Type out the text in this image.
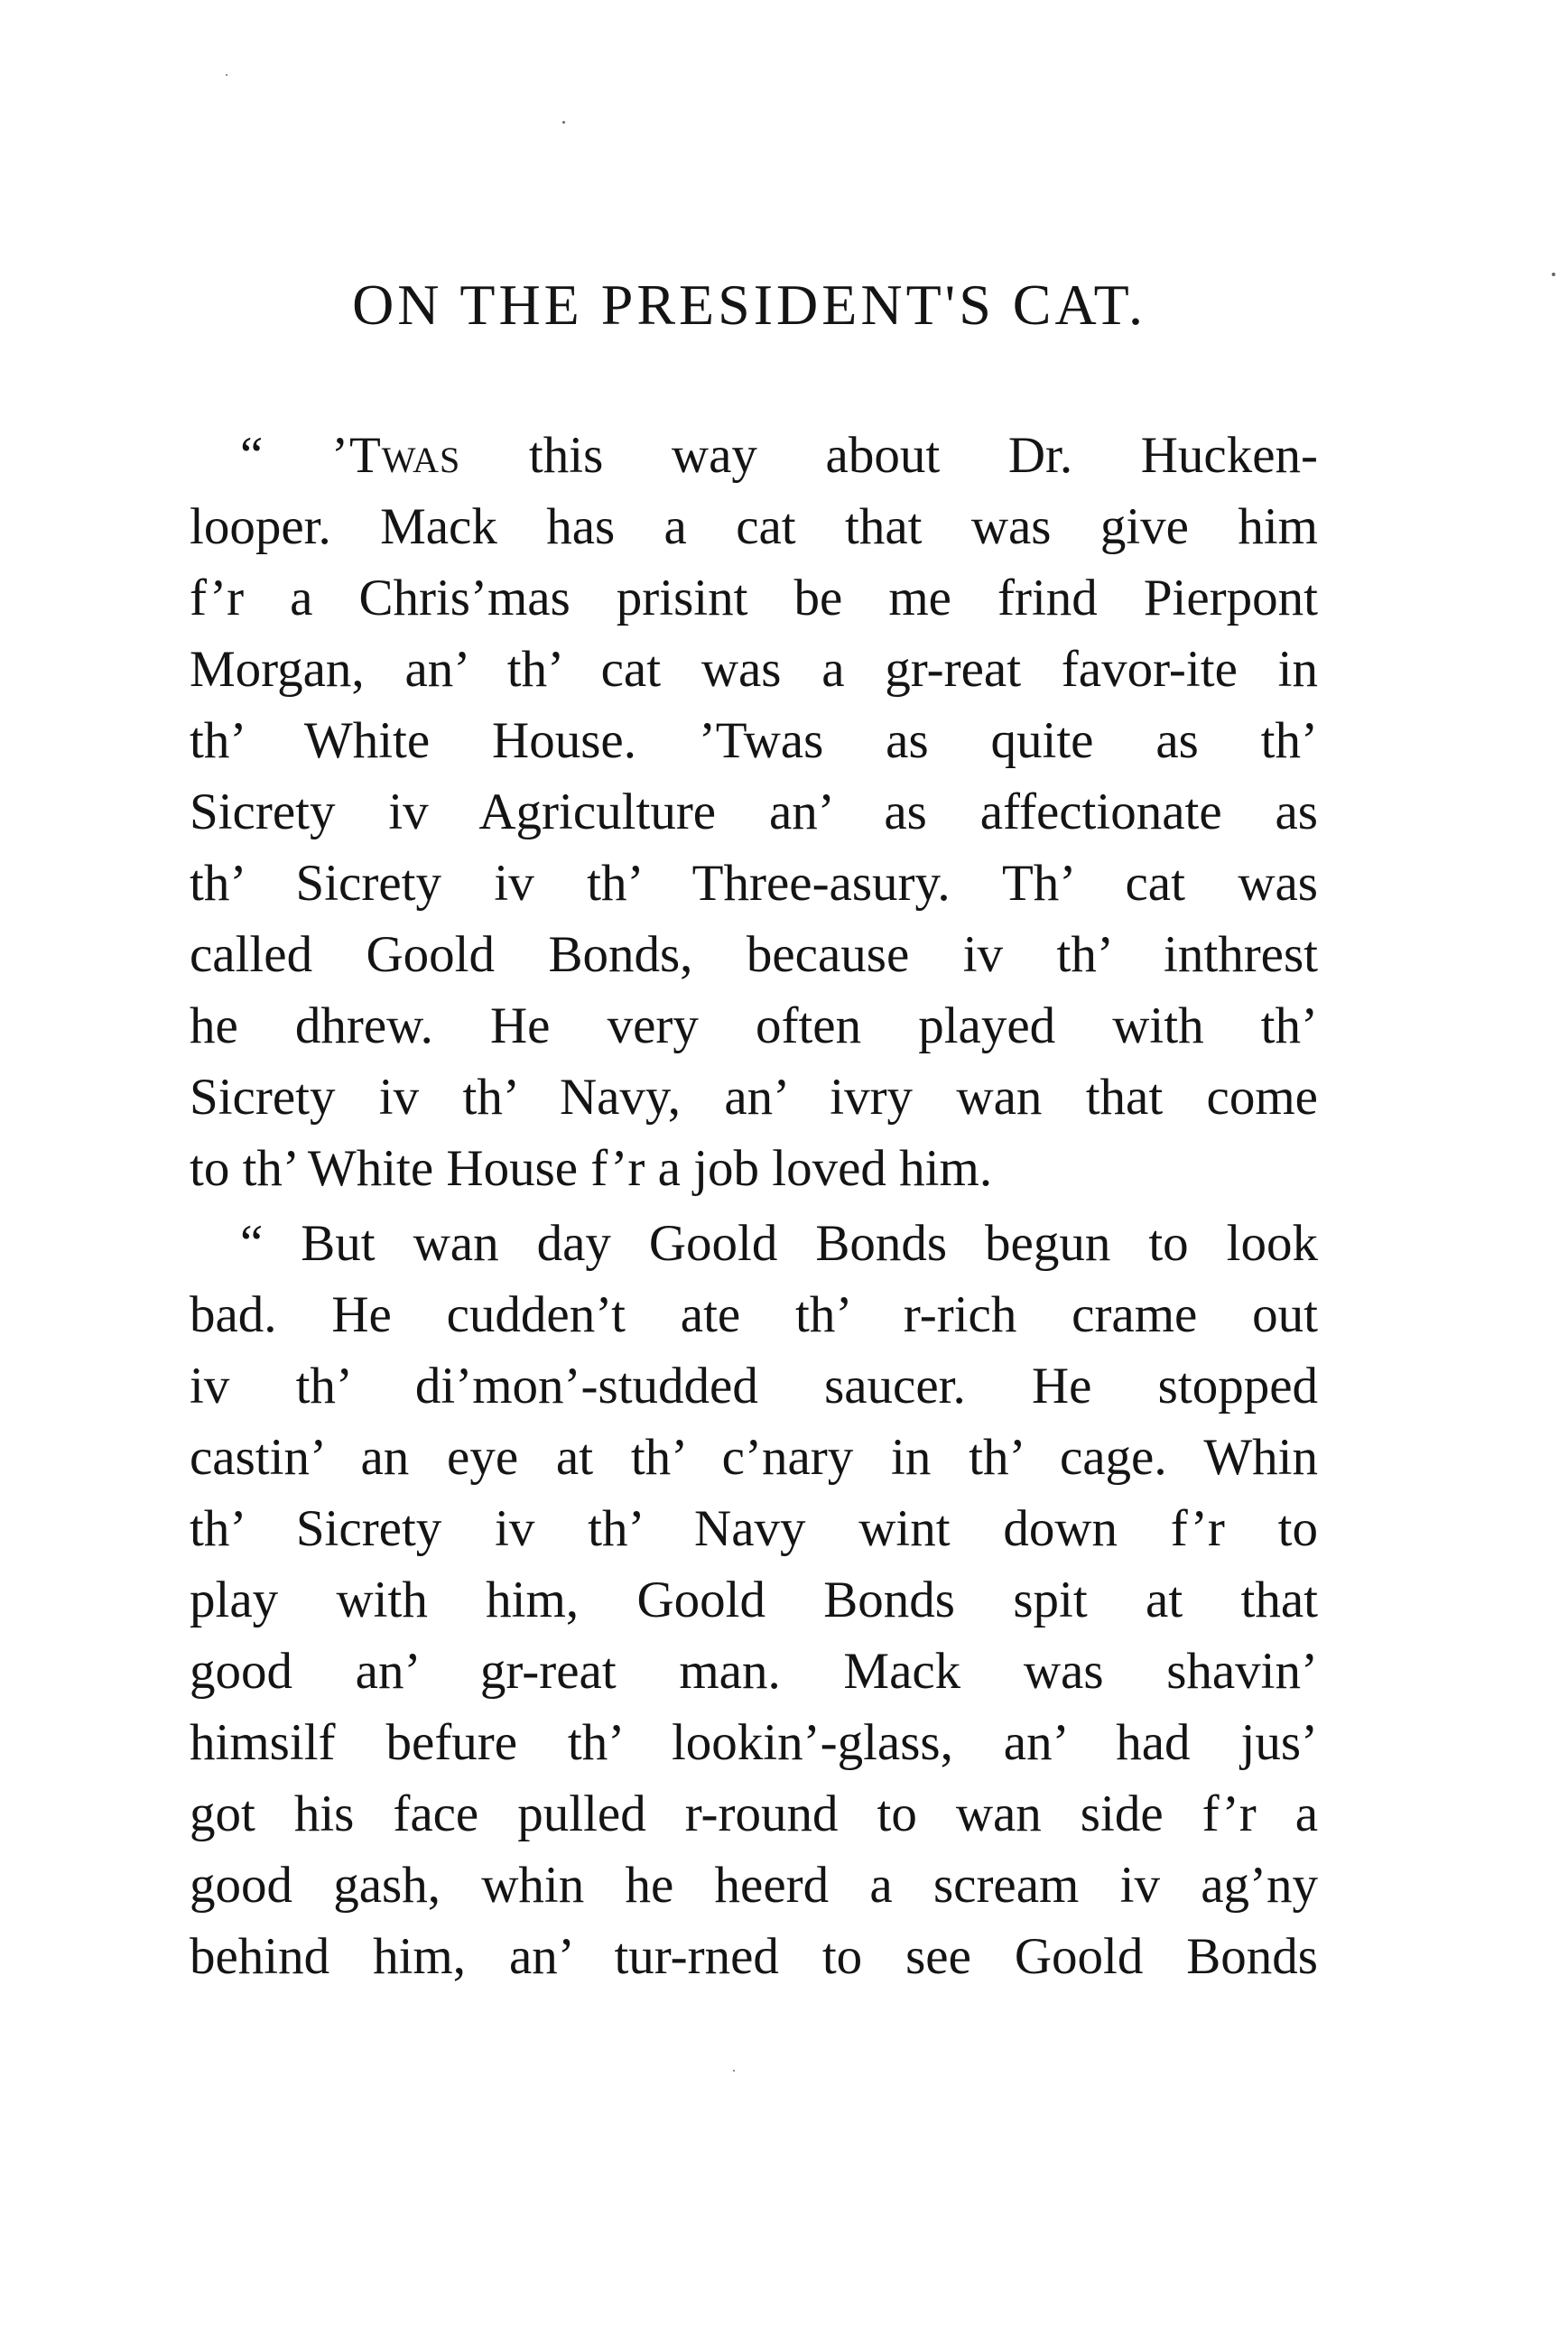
ON THE PRESIDENT'S CAT.

“ ’Twas this way about Dr. Hucken-
looper. Mack has a cat that was give him
f’r a Chris’mas prisint be me frind Pierpont
Morgan, an’ th’ cat was a gr-reat favor-ite in
th’ White House. ’Twas as quite as th’
Sicrety iv Agriculture an’ as affectionate as
th’ Sicrety iv th’ Three-asury. Th’ cat was
called Goold Bonds, because iv th’ inthrest
he dhrew. He very often played with th’
Sicrety iv th’ Navy, an’ ivry wan that come
to th’ White House f’r a job loved him.

“ But wan day Goold Bonds begun to look
bad. He cudden’t ate th’ r-rich crame out
iv th’ di’mon’-studded saucer. He stopped
castin’ an eye at th’ c’nary in th’ cage. Whin
th’ Sicrety iv th’ Navy wint down f’r to
play with him, Goold Bonds spit at that
good an’ gr-reat man. Mack was shavin’
himsilf befure th’ lookin’-glass, an’ had jus’
got his face pulled r-round to wan side f’r a
good gash, whin he heerd a scream iv ag’ny
behind him, an’ tur-rned to see Goold Bonds
